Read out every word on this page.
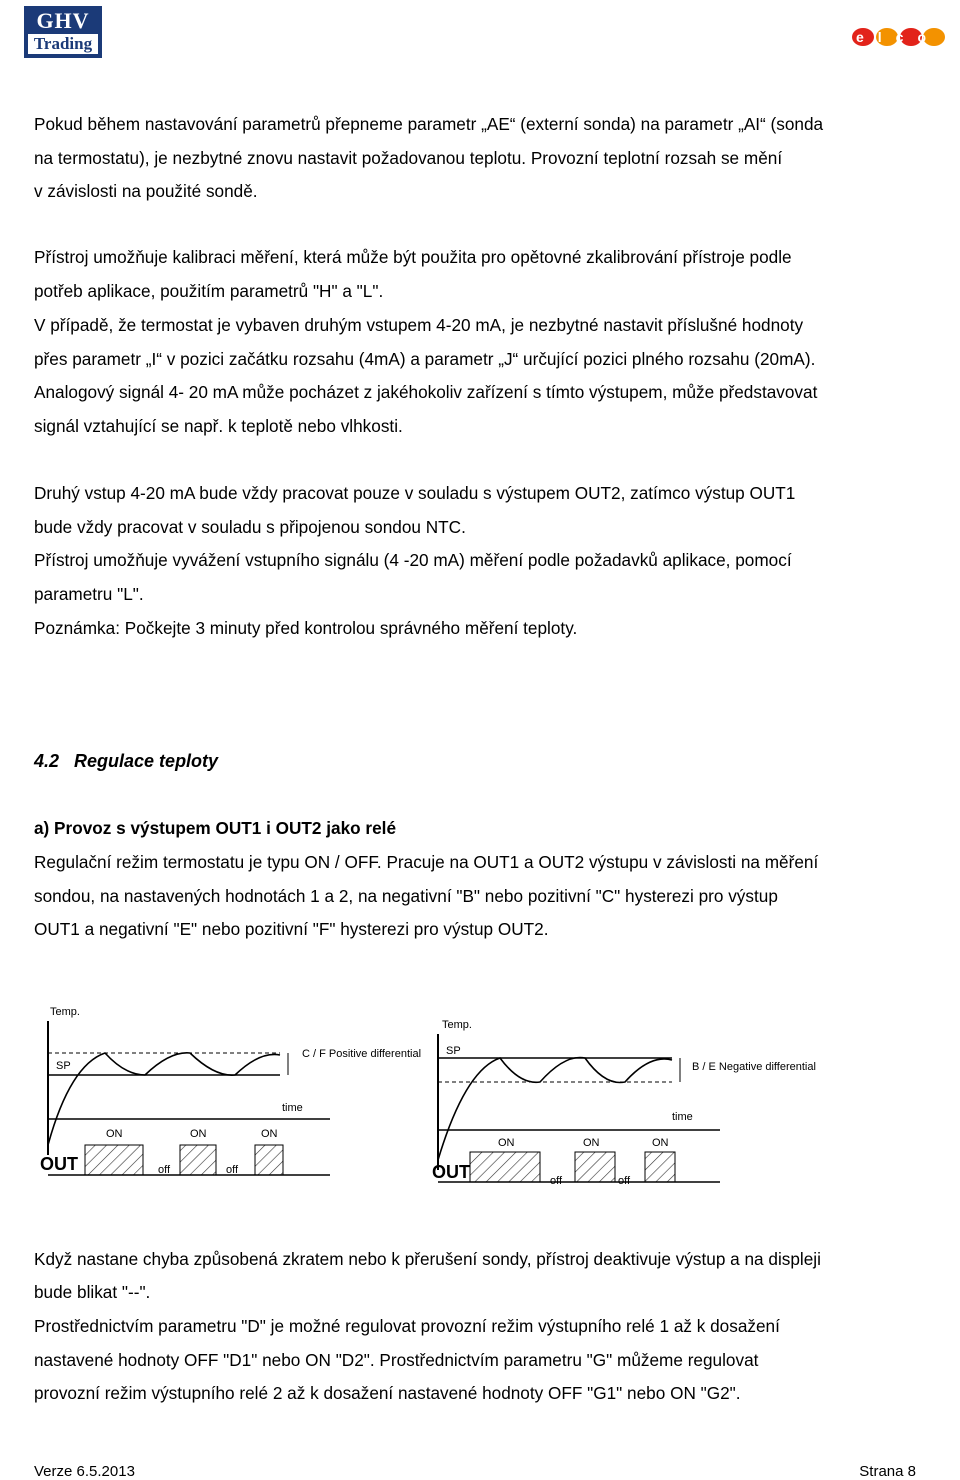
GHV
Trading	elco

Pokud během nastavování parametrů přepneme parametr „AE“ (externí sonda) na parametr „AI“ (sonda

na termostatu), je nezbytné znovu nastavit požadovanou teplotu. Provozní teplotní rozsah se mění

v závislosti na použité sondě.

Přístroj umožňuje kalibraci měření, která může být použita pro opětovné zkalibrování přístroje podle

potřeb aplikace, použitím parametrů "H" a "L".

V případě, že termostat je vybaven druhým vstupem 4-20 mA, je nezbytné nastavit příslušné hodnoty

přes parametr „I“ v pozici začátku rozsahu (4mA) a parametr „J“ určující pozici plného rozsahu (20mA).

Analogový signál 4- 20 mA může pocházet z jakéhokoliv zařízení s tímto výstupem, může představovat

signál vztahující se např. k teplotě nebo vlhkosti.

Druhý vstup 4-20 mA bude vždy pracovat pouze v souladu s výstupem OUT2, zatímco výstup OUT1

bude vždy pracovat v souladu s připojenou sondou NTC.

Přístroj umožňuje vyvážení vstupního signálu (4 -20 mA) měření podle požadavků aplikace, pomocí

parametru "L".

Poznámka: Počkejte 3 minuty před kontrolou správného měření teploty.

4.2   Regulace teploty

a) Provoz s výstupem OUT1 i OUT2 jako relé

Regulační režim termostatu je typu ON / OFF. Pracuje na OUT1 a OUT2 výstupu v závislosti na měření

sondou, na nastavených hodnotách 1 a 2, na negativní "B" nebo pozitivní "C" hysterezi pro výstup

OUT1 a negativní "E" nebo pozitivní "F" hysterezi pro výstup OUT2.

Temp.
SP
C / F Positive differential
time
OUT
ON	ON	ON
off	off
Temp.
SP
B / E Negative differential
time
OUT
ON	ON	ON
off	off

Když nastane chyba způsobená zkratem nebo k přerušení sondy, přístroj deaktivuje výstup a na displeji

bude blikat "--".

Prostřednictvím parametru "D" je možné regulovat provozní režim výstupního relé 1 až k dosažení

nastavené hodnoty OFF "D1" nebo ON "D2". Prostřednictvím parametru "G" můžeme regulovat

provozní režim výstupního relé 2 až k dosažení nastavené hodnoty OFF "G1" nebo ON "G2".

Verze 6.5.2013	Strana 8
